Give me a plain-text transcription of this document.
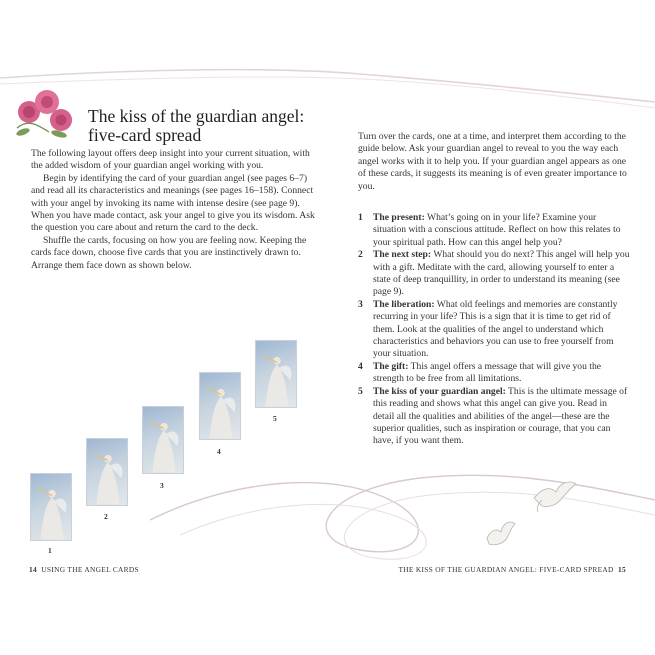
The kiss of the guardian angel:
five-card spread

The following layout offers deep insight into your current situation, with the added wisdom of your guardian angel working with you.

Begin by identifying the card of your guardian angel (see pages 6–7) and read all its characteristics and meanings (see pages 16–158). Connect with your angel by invoking its name with intense desire (see page 9). When you have made contact, ask your angel to give you its wisdom. Ask the question you care about and return the card to the deck.

Shuffle the cards, focusing on how you are feeling now. Keeping the cards face down, choose five cards that you are instinctively drawn to. Arrange them face down as shown below.

1
2
3
4
5

Turn over the cards, one at a time, and interpret them according to the guide below. Ask your guardian angel to reveal to you the way each angel works with it to help you. If your guardian angel appears as one of these cards, it suggests its meaning is of even greater importance to you.

1 The present: What’s going on in your life? Examine your situation with a conscious attitude. Reflect on how this relates to your spiritual path. How can this angel help you?
2 The next step: What should you do next? This angel will help you with a gift. Meditate with the card, allowing yourself to enter a state of deep tranquillity, in order to understand its meaning (see page 9).
3 The liberation: What old feelings and memories are constantly recurring in your life? This is a sign that it is time to get rid of them. Look at the qualities of the angel to understand which characteristics and behaviors you can use to free yourself from your situation.
4 The gift: This angel offers a message that will give you the strength to be free from all limitations.
5 The kiss of your guardian angel: This is the ultimate message of this reading and shows what this angel can give you. Read in detail all the qualities and abilities of the angel—these are the superior qualities, such as inspiration or courage, that you can have, if you want them.
14 USING THE ANGEL CARDS	THE KISS OF THE GUARDIAN ANGEL: FIVE-CARD SPREAD 15
